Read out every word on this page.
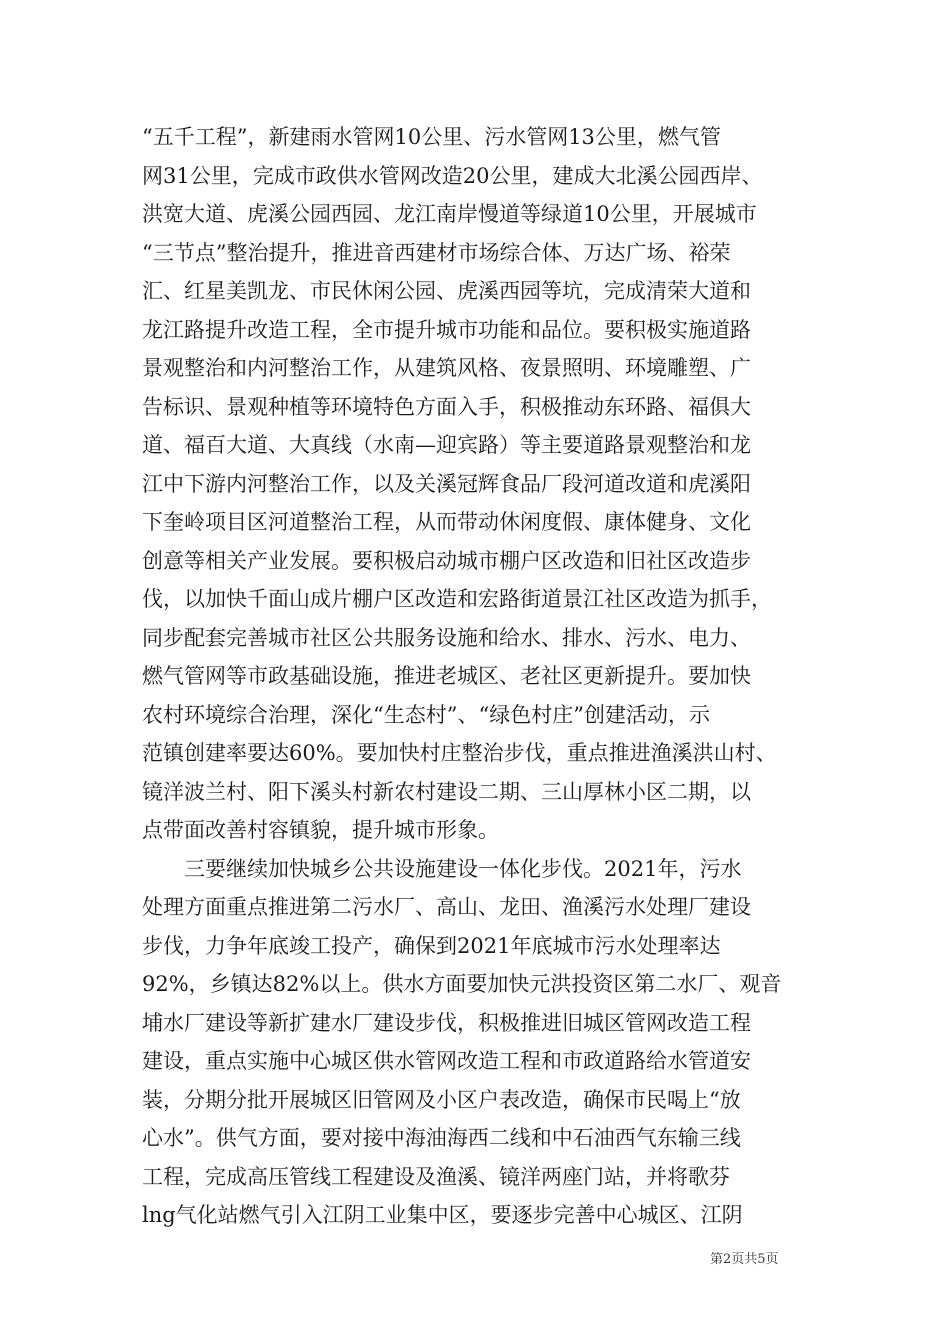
“五千工程”，新建雨水管网10公里、污水管网13公里，燃气管
网31公里，完成市政供水管网改造20公里，建成大北溪公园西岸、
洪宽大道、虎溪公园西园、龙江南岸慢道等绿道10公里，开展城市
“三节点”整治提升，推进音西建材市场综合体、万达广场、裕荣
汇、红星美凯龙、市民休闲公园、虎溪西园等坑，完成清荣大道和
龙江路提升改造工程，全市提升城市功能和品位。要积极实施道路
景观整治和内河整治工作，从建筑风格、夜景照明、环境雕塑、广
告标识、景观种植等环境特色方面入手，积极推动东环路、福俱大
道、福百大道、大真线（水南—迎宾路）等主要道路景观整治和龙
江中下游内河整治工作，以及关溪冠辉食品厂段河道改道和虎溪阳
下奎岭项目区河道整治工程，从而带动休闲度假、康体健身、文化
创意等相关产业发展。要积极启动城市棚户区改造和旧社区改造步
伐，以加快千面山成片棚户区改造和宏路街道景江社区改造为抓手，
同步配套完善城市社区公共服务设施和给水、排水、污水、电力、
燃气管网等市政基础设施，推进老城区、老社区更新提升。要加快
农村环境综合治理，深化“生态村”、“绿色村庄”创建活动，示
范镇创建率要达60%。要加快村庄整治步伐，重点推进渔溪洪山村、
镜洋波兰村、阳下溪头村新农村建设二期、三山厚林小区二期，以
点带面改善村容镇貌，提升城市形象。
　　三要继续加快城乡公共设施建设一体化步伐。2021年，污水
处理方面重点推进第二污水厂、高山、龙田、渔溪污水处理厂建设
步伐，力争年底竣工投产，确保到2021年底城市污水处理率达
92%，乡镇达82%以上。供水方面要加快元洪投资区第二水厂、观音
埔水厂建设等新扩建水厂建设步伐，积极推进旧城区管网改造工程
建设，重点实施中心城区供水管网改造工程和市政道路给水管道安
装，分期分批开展城区旧管网及小区户表改造，确保市民喝上“放
心水”。供气方面，要对接中海油海西二线和中石油西气东输三线
工程，完成高压管线工程建设及渔溪、镜洋两座门站，并将歌芬
lng气化站燃气引入江阴工业集中区，要逐步完善中心城区、江阴
第2页共5页
